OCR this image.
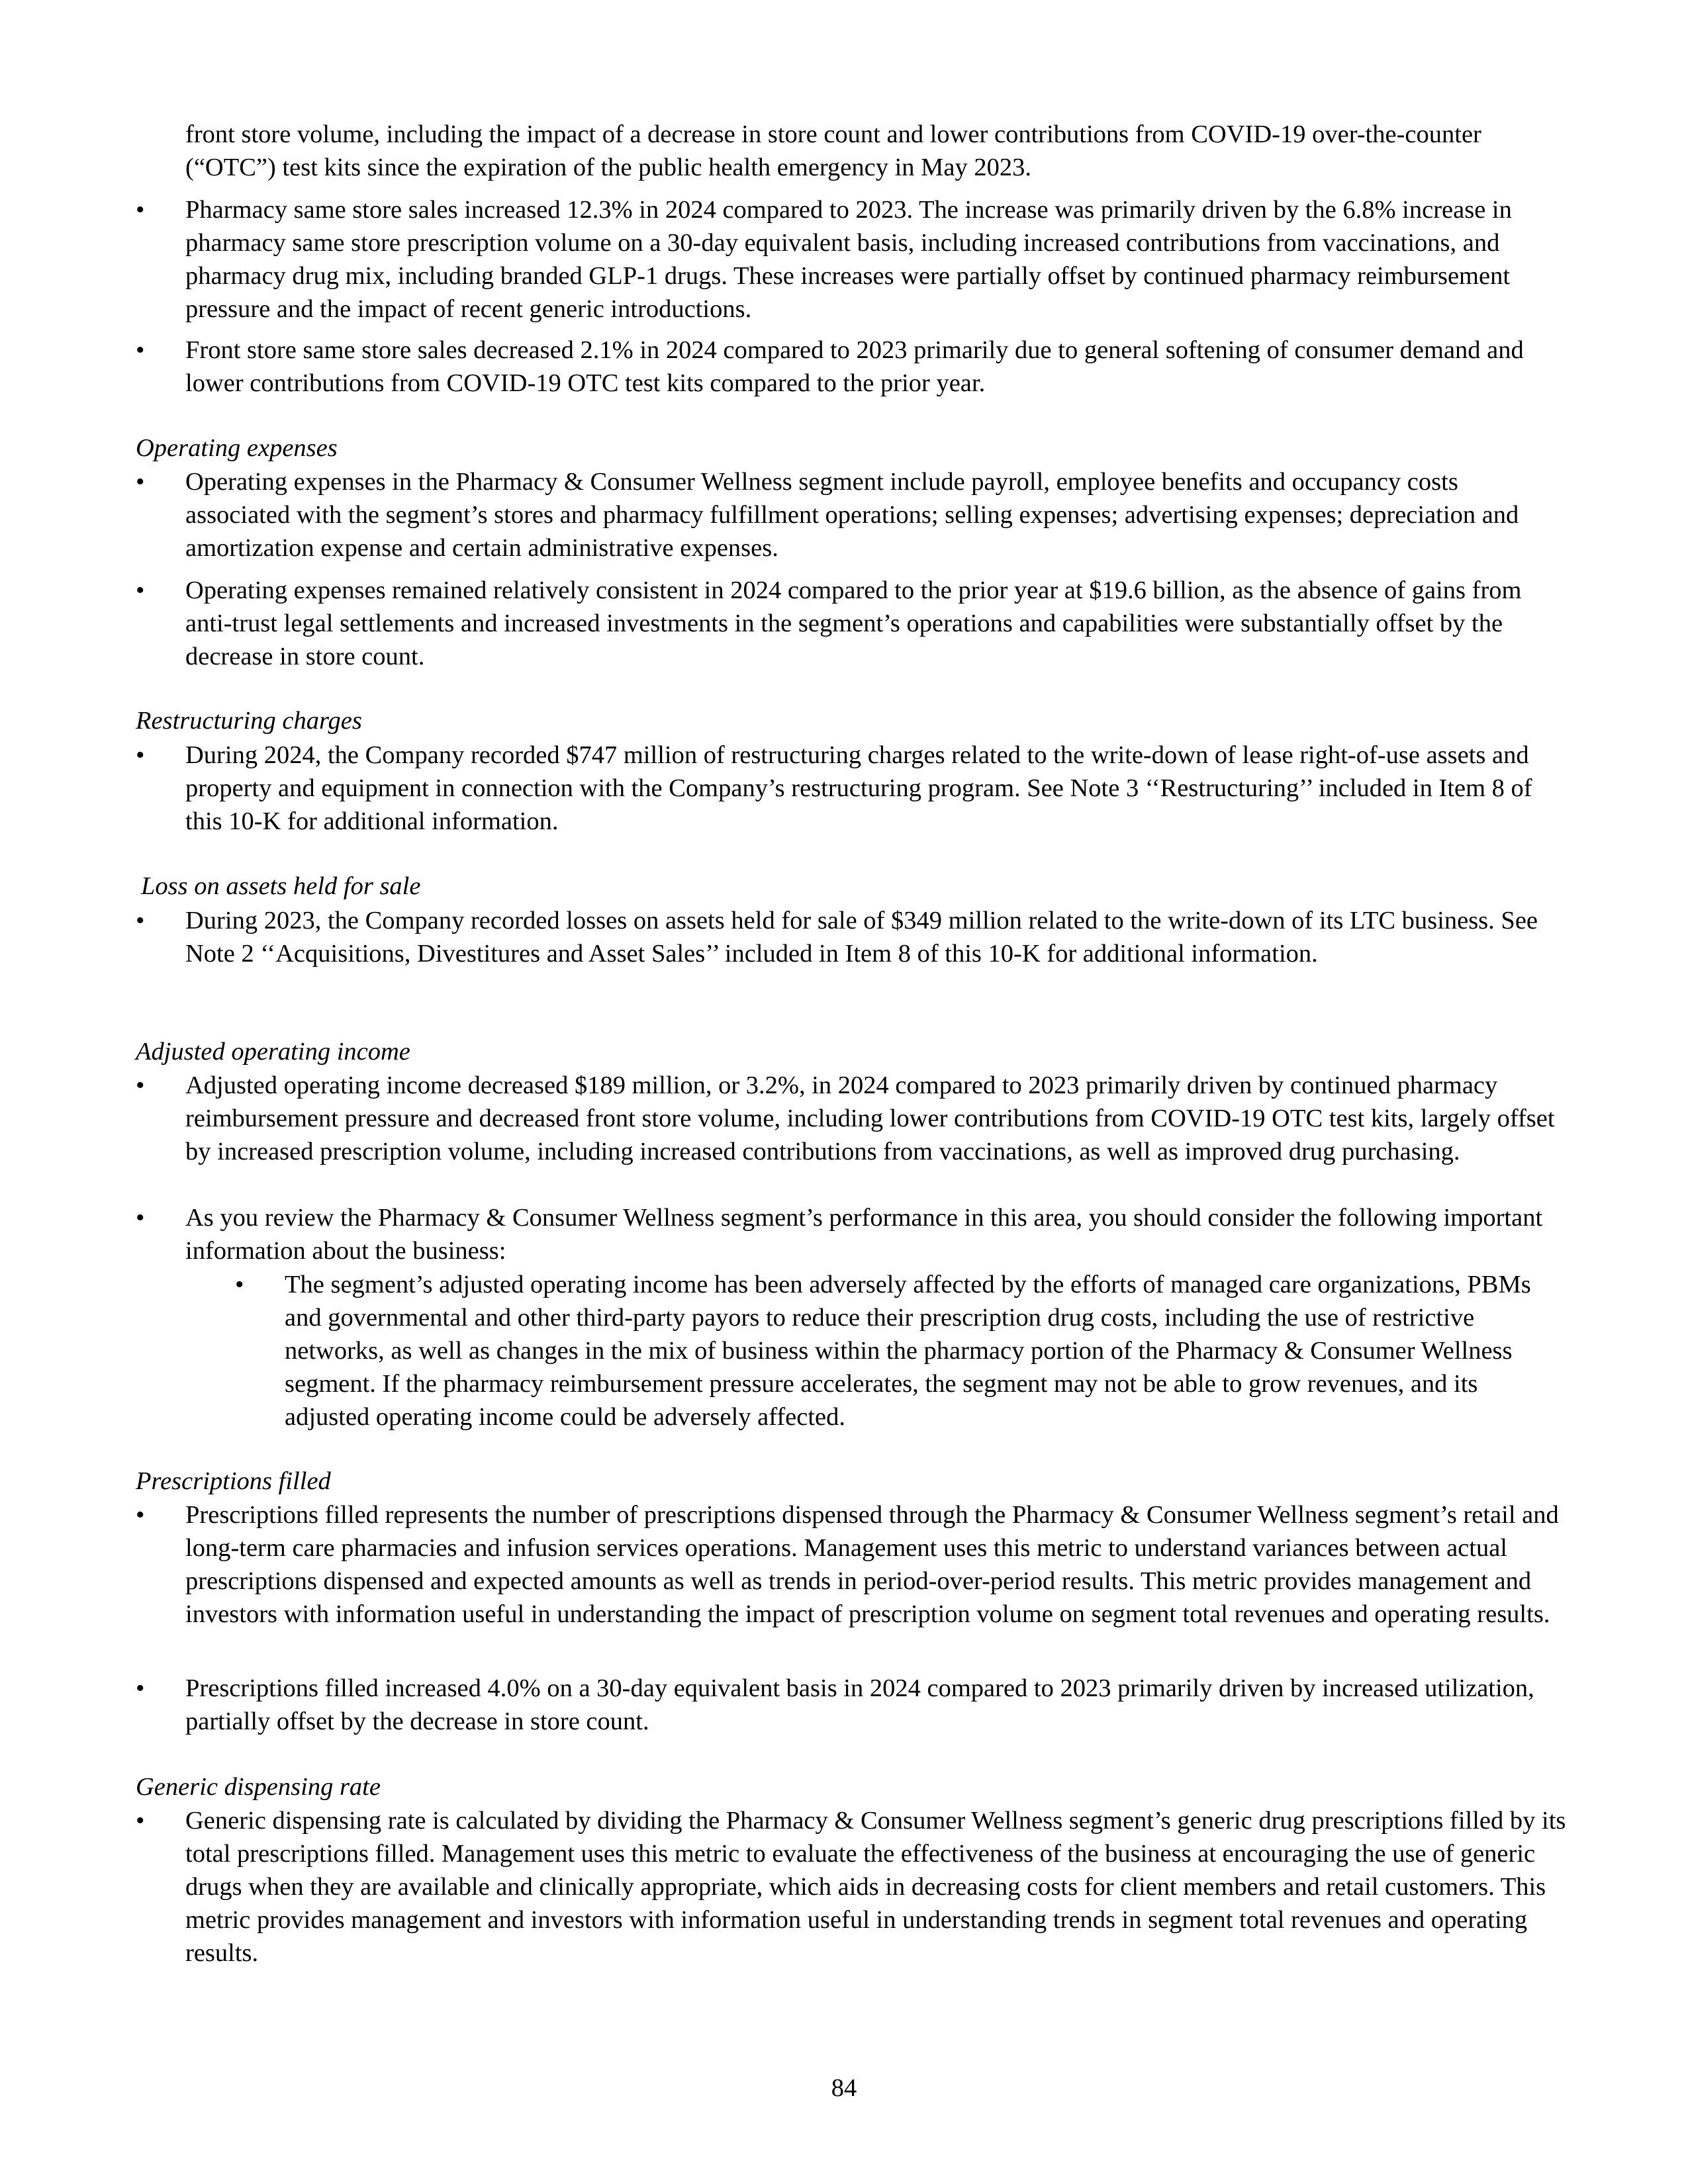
front store volume, including the impact of a decrease in store count and lower contributions from COVID-19 over-the-counter (“OTC”) test kits since the expiration of the public health emergency in May 2023.

•	Pharmacy same store sales increased 12.3% in 2024 compared to 2023. The increase was primarily driven by the 6.8% increase in pharmacy same store prescription volume on a 30-day equivalent basis, including increased contributions from vaccinations, and pharmacy drug mix, including branded GLP-1 drugs. These increases were partially offset by continued pharmacy reimbursement pressure and the impact of recent generic introductions.
•	Front store same store sales decreased 2.1% in 2024 compared to 2023 primarily due to general softening of consumer demand and lower contributions from COVID-19 OTC test kits compared to the prior year.

Operating expenses

•	Operating expenses in the Pharmacy & Consumer Wellness segment include payroll, employee benefits and occupancy costs associated with the segment’s stores and pharmacy fulfillment operations; selling expenses; advertising expenses; depreciation and amortization expense and certain administrative expenses.
•	Operating expenses remained relatively consistent in 2024 compared to the prior year at $19.6 billion, as the absence of gains from anti-trust legal settlements and increased investments in the segment’s operations and capabilities were substantially offset by the decrease in store count.

Restructuring charges

•	During 2024, the Company recorded $747 million of restructuring charges related to the write-down of lease right-of-use assets and property and equipment in connection with the Company’s restructuring program. See Note 3 ‘‘Restructuring’’ included in Item 8 of this 10-K for additional information.

Loss on assets held for sale

•	During 2023, the Company recorded losses on assets held for sale of $349 million related to the write-down of its LTC business. See Note 2 ‘‘Acquisitions, Divestitures and Asset Sales’’ included in Item 8 of this 10-K for additional information.

Adjusted operating income

•	Adjusted operating income decreased $189 million, or 3.2%, in 2024 compared to 2023 primarily driven by continued pharmacy reimbursement pressure and decreased front store volume, including lower contributions from COVID-19 OTC test kits, largely offset by increased prescription volume, including increased contributions from vaccinations, as well as improved drug purchasing.
•	As you review the Pharmacy & Consumer Wellness segment’s performance in this area, you should consider the following important information about the business:
•	The segment’s adjusted operating income has been adversely affected by the efforts of managed care organizations, PBMs and governmental and other third-party payors to reduce their prescription drug costs, including the use of restrictive networks, as well as changes in the mix of business within the pharmacy portion of the Pharmacy & Consumer Wellness segment. If the pharmacy reimbursement pressure accelerates, the segment may not be able to grow revenues, and its adjusted operating income could be adversely affected.

Prescriptions filled

•	Prescriptions filled represents the number of prescriptions dispensed through the Pharmacy & Consumer Wellness segment’s retail and long-term care pharmacies and infusion services operations. Management uses this metric to understand variances between actual prescriptions dispensed and expected amounts as well as trends in period-over-period results. This metric provides management and investors with information useful in understanding the impact of prescription volume on segment total revenues and operating results.
•	Prescriptions filled increased 4.0% on a 30-day equivalent basis in 2024 compared to 2023 primarily driven by increased utilization, partially offset by the decrease in store count.

Generic dispensing rate

•	Generic dispensing rate is calculated by dividing the Pharmacy & Consumer Wellness segment’s generic drug prescriptions filled by its total prescriptions filled. Management uses this metric to evaluate the effectiveness of the business at encouraging the use of generic drugs when they are available and clinically appropriate, which aids in decreasing costs for client members and retail customers. This metric provides management and investors with information useful in understanding trends in segment total revenues and operating results.
84
